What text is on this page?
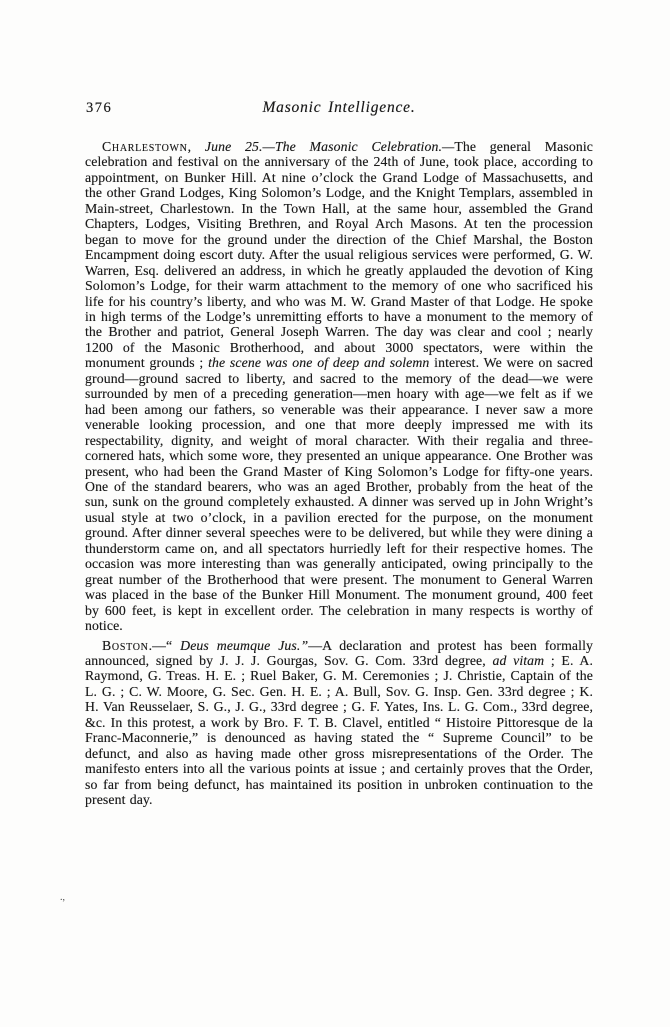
.,
376	Masonic Intelligence.

Charlestown, June 25.—The Masonic Celebration.—The general Masonic celebration and festival on the anniversary of the 24th of June, took place, according to appointment, on Bunker Hill. At nine o’clock the Grand Lodge of Massachusetts, and the other Grand Lodges, King Solomon’s Lodge, and the Knight Templars, assembled in Main-street, Charlestown. In the Town Hall, at the same hour, assembled the Grand Chapters, Lodges, Visiting Brethren, and Royal Arch Masons. At ten the procession began to move for the ground under the direction of the Chief Marshal, the Boston Encampment doing escort duty. After the usual religious services were performed, G. W. Warren, Esq. delivered an address, in which he greatly applauded the devotion of King Solomon’s Lodge, for their warm attachment to the memory of one who sacrificed his life for his country’s liberty, and who was M. W. Grand Master of that Lodge. He spoke in high terms of the Lodge’s unremitting efforts to have a monument to the memory of the Brother and patriot, General Joseph Warren. The day was clear and cool ; nearly 1200 of the Masonic Brotherhood, and about 3000 spectators, were within the monument grounds ; the scene was one of deep and solemn interest. We were on sacred ground—ground sacred to liberty, and sacred to the memory of the dead—we were surrounded by men of a preceding generation—men hoary with age—we felt as if we had been among our fathers, so venerable was their appearance. I never saw a more venerable looking procession, and one that more deeply impressed me with its respectability, dignity, and weight of moral character. With their regalia and three-cornered hats, which some wore, they presented an unique appearance. One Brother was present, who had been the Grand Master of King Solomon’s Lodge for fifty-one years. One of the standard bearers, who was an aged Brother, probably from the heat of the sun, sunk on the ground completely exhausted. A dinner was served up in John Wright’s usual style at two o’clock, in a pavilion erected for the purpose, on the monument ground. After dinner several speeches were to be delivered, but while they were dining a thunderstorm came on, and all spectators hurriedly left for their respective homes. The occasion was more interesting than was generally anticipated, owing principally to the great number of the Brotherhood that were present. The monument to General Warren was placed in the base of the Bunker Hill Monument. The monument ground, 400 feet by 600 feet, is kept in excellent order. The celebration in many respects is worthy of notice.

Boston.—“ Deus meumque Jus.”—A declaration and protest has been formally announced, signed by J. J. J. Gourgas, Sov. G. Com. 33rd degree, ad vitam ; E. A. Raymond, G. Treas. H. E. ; Ruel Baker, G. M. Ceremonies ; J. Christie, Captain of the L. G. ; C. W. Moore, G. Sec. Gen. H. E. ; A. Bull, Sov. G. Insp. Gen. 33rd degree ; K. H. Van Reusselaer, S. G., J. G., 33rd degree ; G. F. Yates, Ins. L. G. Com., 33rd degree, &c. In this protest, a work by Bro. F. T. B. Clavel, entitled “ Histoire Pittoresque de la Franc-Maconnerie,” is denounced as having stated the “ Supreme Council” to be defunct, and also as having made other gross misrepresentations of the Order. The manifesto enters into all the various points at issue ; and certainly proves that the Order, so far from being defunct, has maintained its position in unbroken continuation to the present day.
